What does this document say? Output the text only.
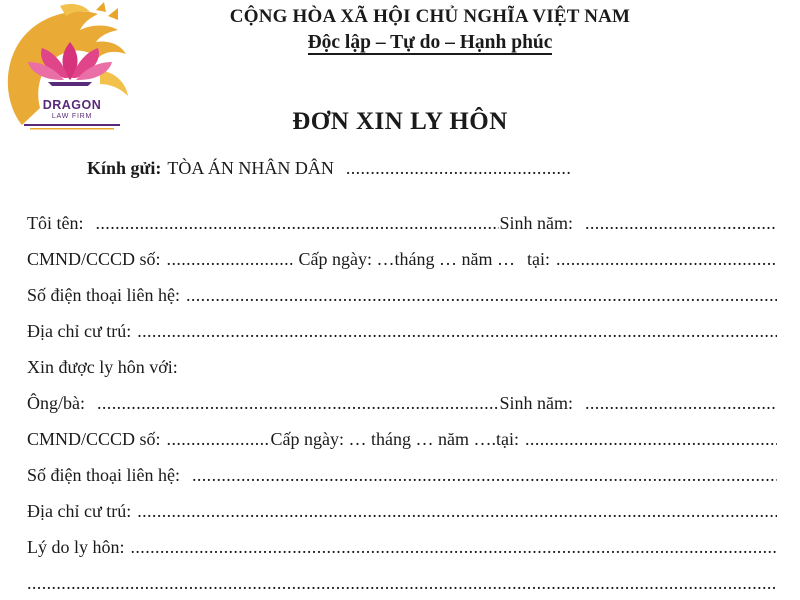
DRAGON
LAW FIRM
CỘNG HÒA XÃ HỘI CHỦ NGHĨA VIỆT NAM
Độc lập – Tự do – Hạnh phúc
ĐƠN XIN LY HÔN
Kính gửi: TÒA ÁN NHÂN DÂN
.....
Tôi tên: .....	Sinh năm:
.....
CMND/CCCD số: .....	Cấp ngày: …tháng … năm … tại:
.....
Số điện thoại liên hệ:
.....
Địa chỉ cư trú:
.....
Xin được ly hôn với:
Ông/bà: .....	Sinh năm:
.....
CMND/CCCD số: .....	Cấp ngày: … tháng … năm …. tại:
.....
Số điện thoại liên hệ:
.....
Địa chỉ cư trú:
.....
Lý do ly hôn:
.....
.....
